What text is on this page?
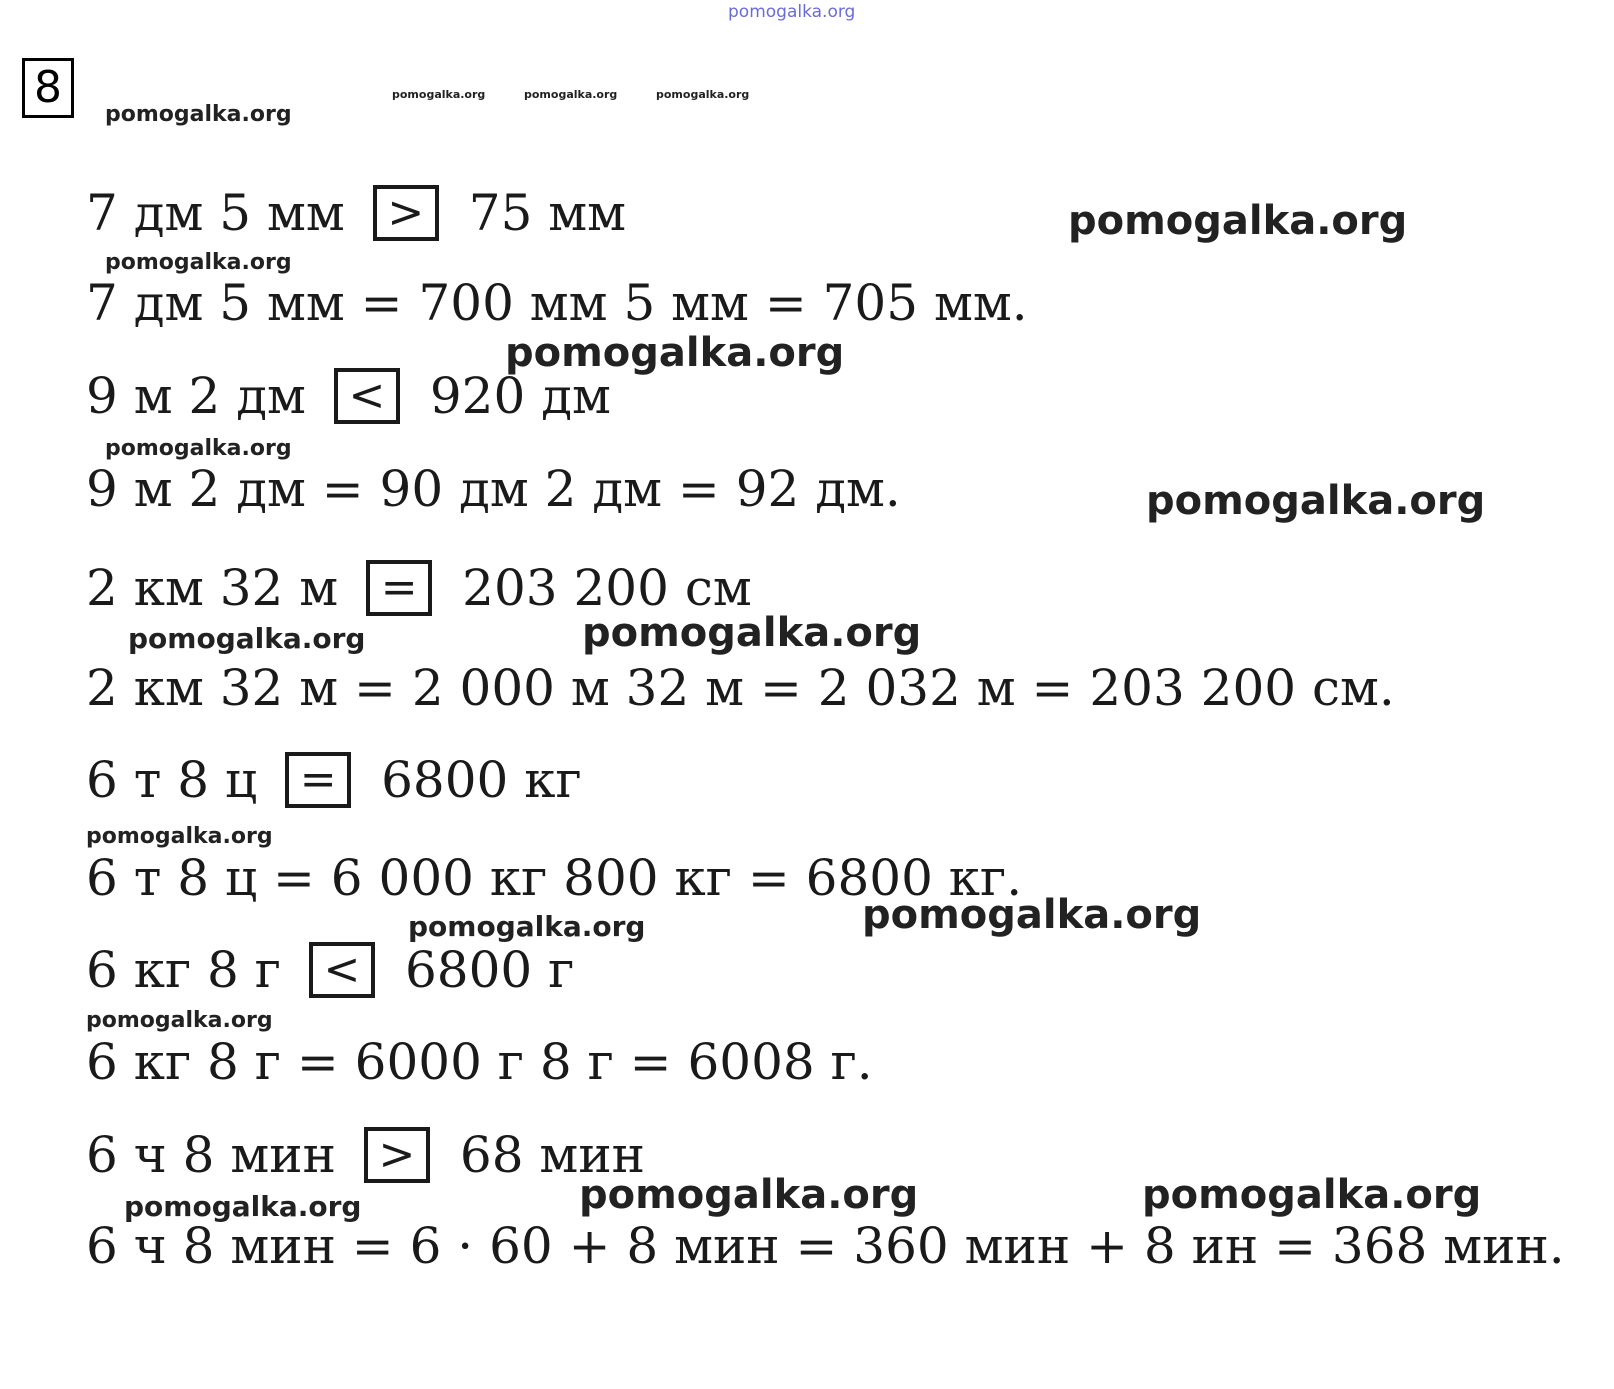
pomogalka.org
pomogalka.org	pomogalka.org	pomogalka.org
pomogalka.org
pomogalka.org
pomogalka.org
pomogalka.org
pomogalka.org
pomogalka.org
pomogalka.org	pomogalka.org
pomogalka.org
pomogalka.org
pomogalka.org
pomogalka.org
pomogalka.org	pomogalka.org	pomogalka.org
8
7 дм 5 мм > 75 мм
7 дм 5 мм = 700 мм 5 мм = 705 мм.
9 м 2 дм < 920 дм
9 м 2 дм = 90 дм 2 дм = 92 дм.
2 км 32 м = 203 200 см
2 км 32 м = 2 000 м 32 м = 2 032 м = 203 200 см.
6 т 8 ц = 6800 кг
6 т 8 ц = 6 000 кг 800 кг = 6800 кг.
6 кг 8 г < 6800 г
6 кг 8 г = 6000 г 8 г = 6008 г.
6 ч 8 мин > 68 мин
6 ч 8 мин = 6 · 60 + 8 мин = 360 мин + 8 ин = 368 мин.
